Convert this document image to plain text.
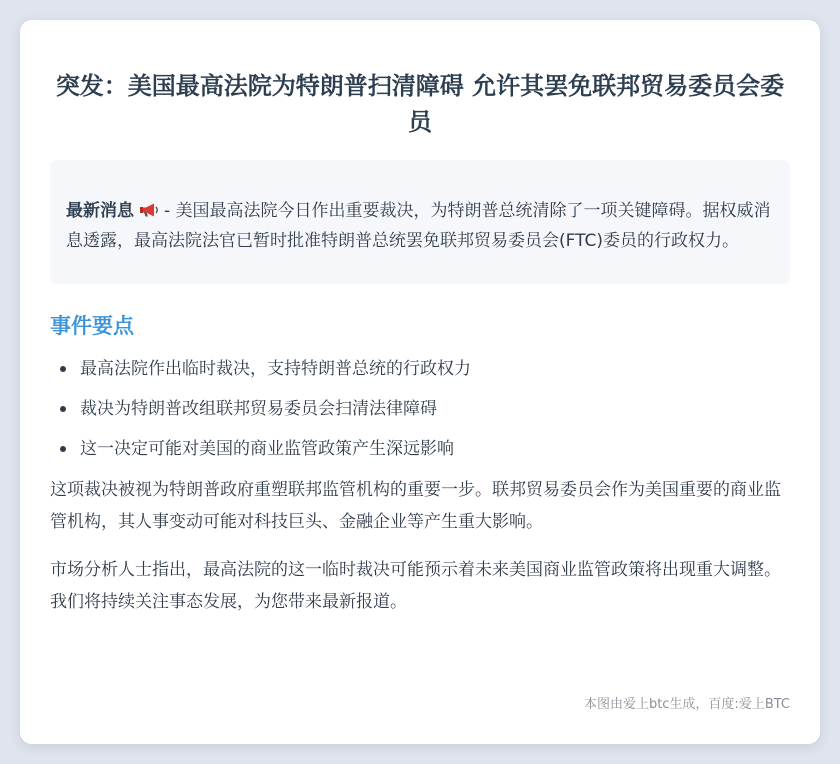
突发：美国最高法院为特朗普扫清障碍 允许其罢免联邦贸易委员会委员
最新消息 - 美国最高法院今日作出重要裁决，为特朗普总统清除了一项关键障碍。据权威消息透露，最高法院法官已暂时批准特朗普总统罢免联邦贸易委员会(FTC)委员的行政权力。
事件要点
最高法院作出临时裁决，支持特朗普总统的行政权力
裁决为特朗普改组联邦贸易委员会扫清法律障碍
这一决定可能对美国的商业监管政策产生深远影响

这项裁决被视为特朗普政府重塑联邦监管机构的重要一步。联邦贸易委员会作为美国重要的商业监管机构，其人事变动可能对科技巨头、金融企业等产生重大影响。

市场分析人士指出，最高法院的这一临时裁决可能预示着未来美国商业监管政策将出现重大调整。我们将持续关注事态发展，为您带来最新报道。

本图由爱上btc生成，百度:爱上BTC
